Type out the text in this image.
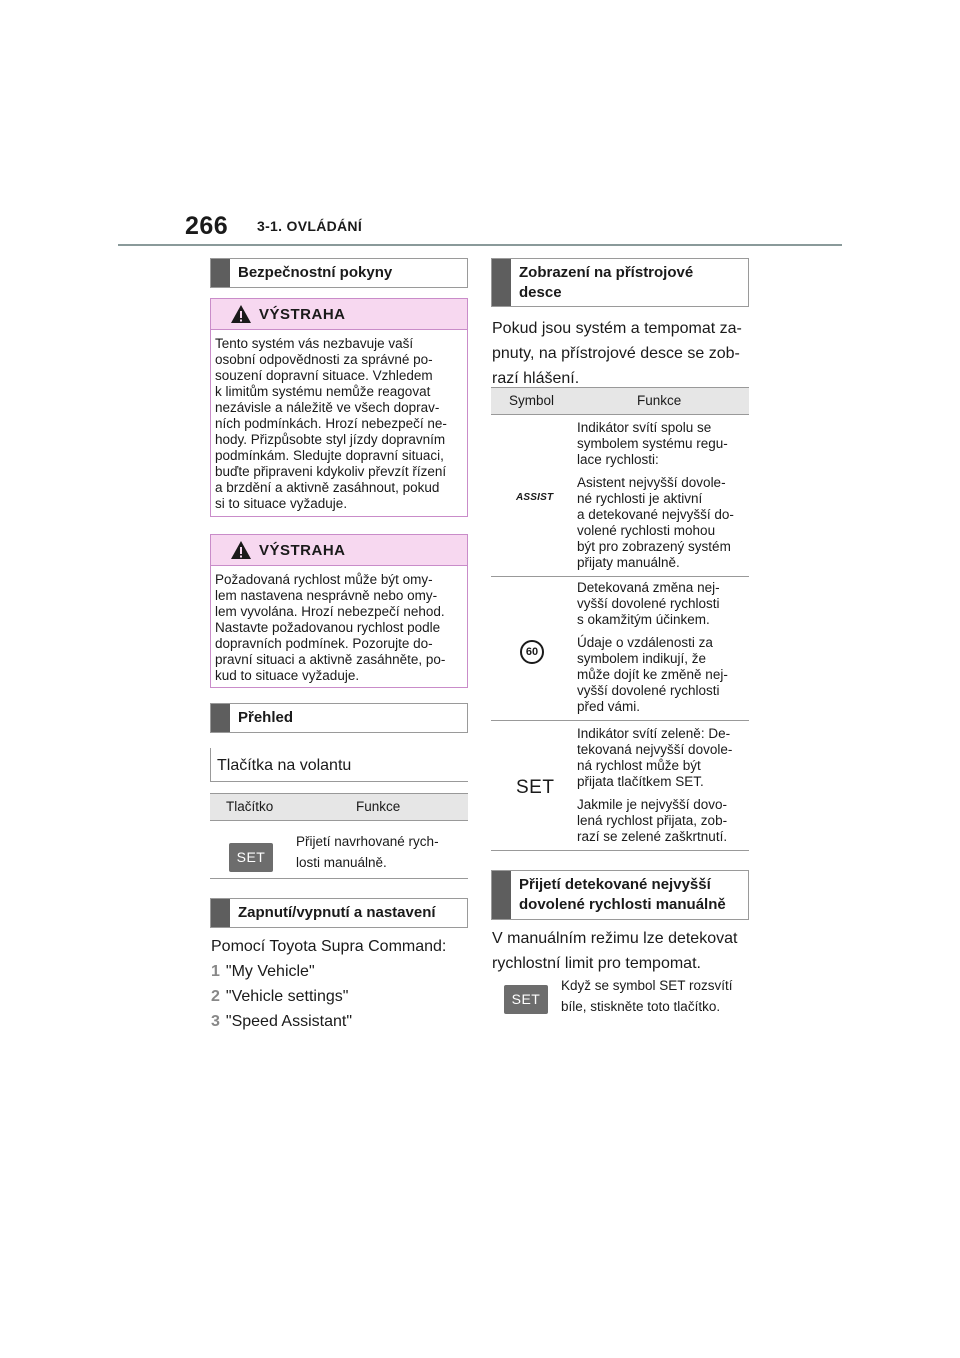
266 3-1. OVLÁDÁNÍ
Bezpečnostní pokyny
VÝSTRAHA
Tento systém vás nezbavuje vaší
osobní odpovědnosti za správné po-
souzení dopravní situace. Vzhledem
k limitům systému nemůže reagovat
nezávisle a náležitě ve všech doprav-
ních podmínkách. Hrozí nebezpečí ne-
hody. Přizpůsobte styl jízdy dopravním
podmínkám. Sledujte dopravní situaci,
buďte připraveni kdykoliv převzít řízení
a brzdění a aktivně zasáhnout, pokud
si to situace vyžaduje.
VÝSTRAHA
Požadovaná rychlost může být omy-
lem nastavena nesprávně nebo omy-
lem vyvolána. Hrozí nebezpečí nehod.
Nastavte požadovanou rychlost podle
dopravních podmínek. Pozorujte do-
pravní situaci a aktivně zasáhněte, po-
kud to situace vyžaduje.
Přehled
Tlačítka na volantu
Tlačítko	Funkce
SET
Přijetí navrhované rych-
losti manuálně.
Zapnutí/vypnutí a nastavení
Pomocí Toyota Supra Command:
1 "My Vehicle"
2 "Vehicle settings"
3 "Speed Assistant"
Zobrazení na přístrojové
desce
Pokud jsou systém a tempomat za-
pnuty, na přístrojové desce se zob-
razí hlášení.
Symbol	Funkce
ASSIST

Indikátor svítí spolu se
symbolem systému regu-
lace rychlosti:

Asistent nejvyšší dovole-
né rychlosti je aktivní
a detekované nejvyšší do-
volené rychlosti mohou
být pro zobrazený systém
přijaty manuálně.

60

Detekovaná změna nej-
vyšší dovolené rychlosti
s okamžitým účinkem.

Údaje o vzdálenosti za
symbolem indikují, že
může dojít ke změně nej-
vyšší dovolené rychlosti
před vámi.

SET

Indikátor svítí zeleně: De-
tekovaná nejvyšší dovole-
ná rychlost může být
přijata tlačítkem SET.

Jakmile je nejvyšší dovo-
lená rychlost přijata, zob-
razí se zelené zaškrtnutí.

Přijetí detekované nejvyšší
dovolené rychlosti manuálně
V manuálním režimu lze detekovat
rychlostní limit pro tempomat.
SET
Když se symbol SET rozsvítí
bíle, stiskněte toto tlačítko.
